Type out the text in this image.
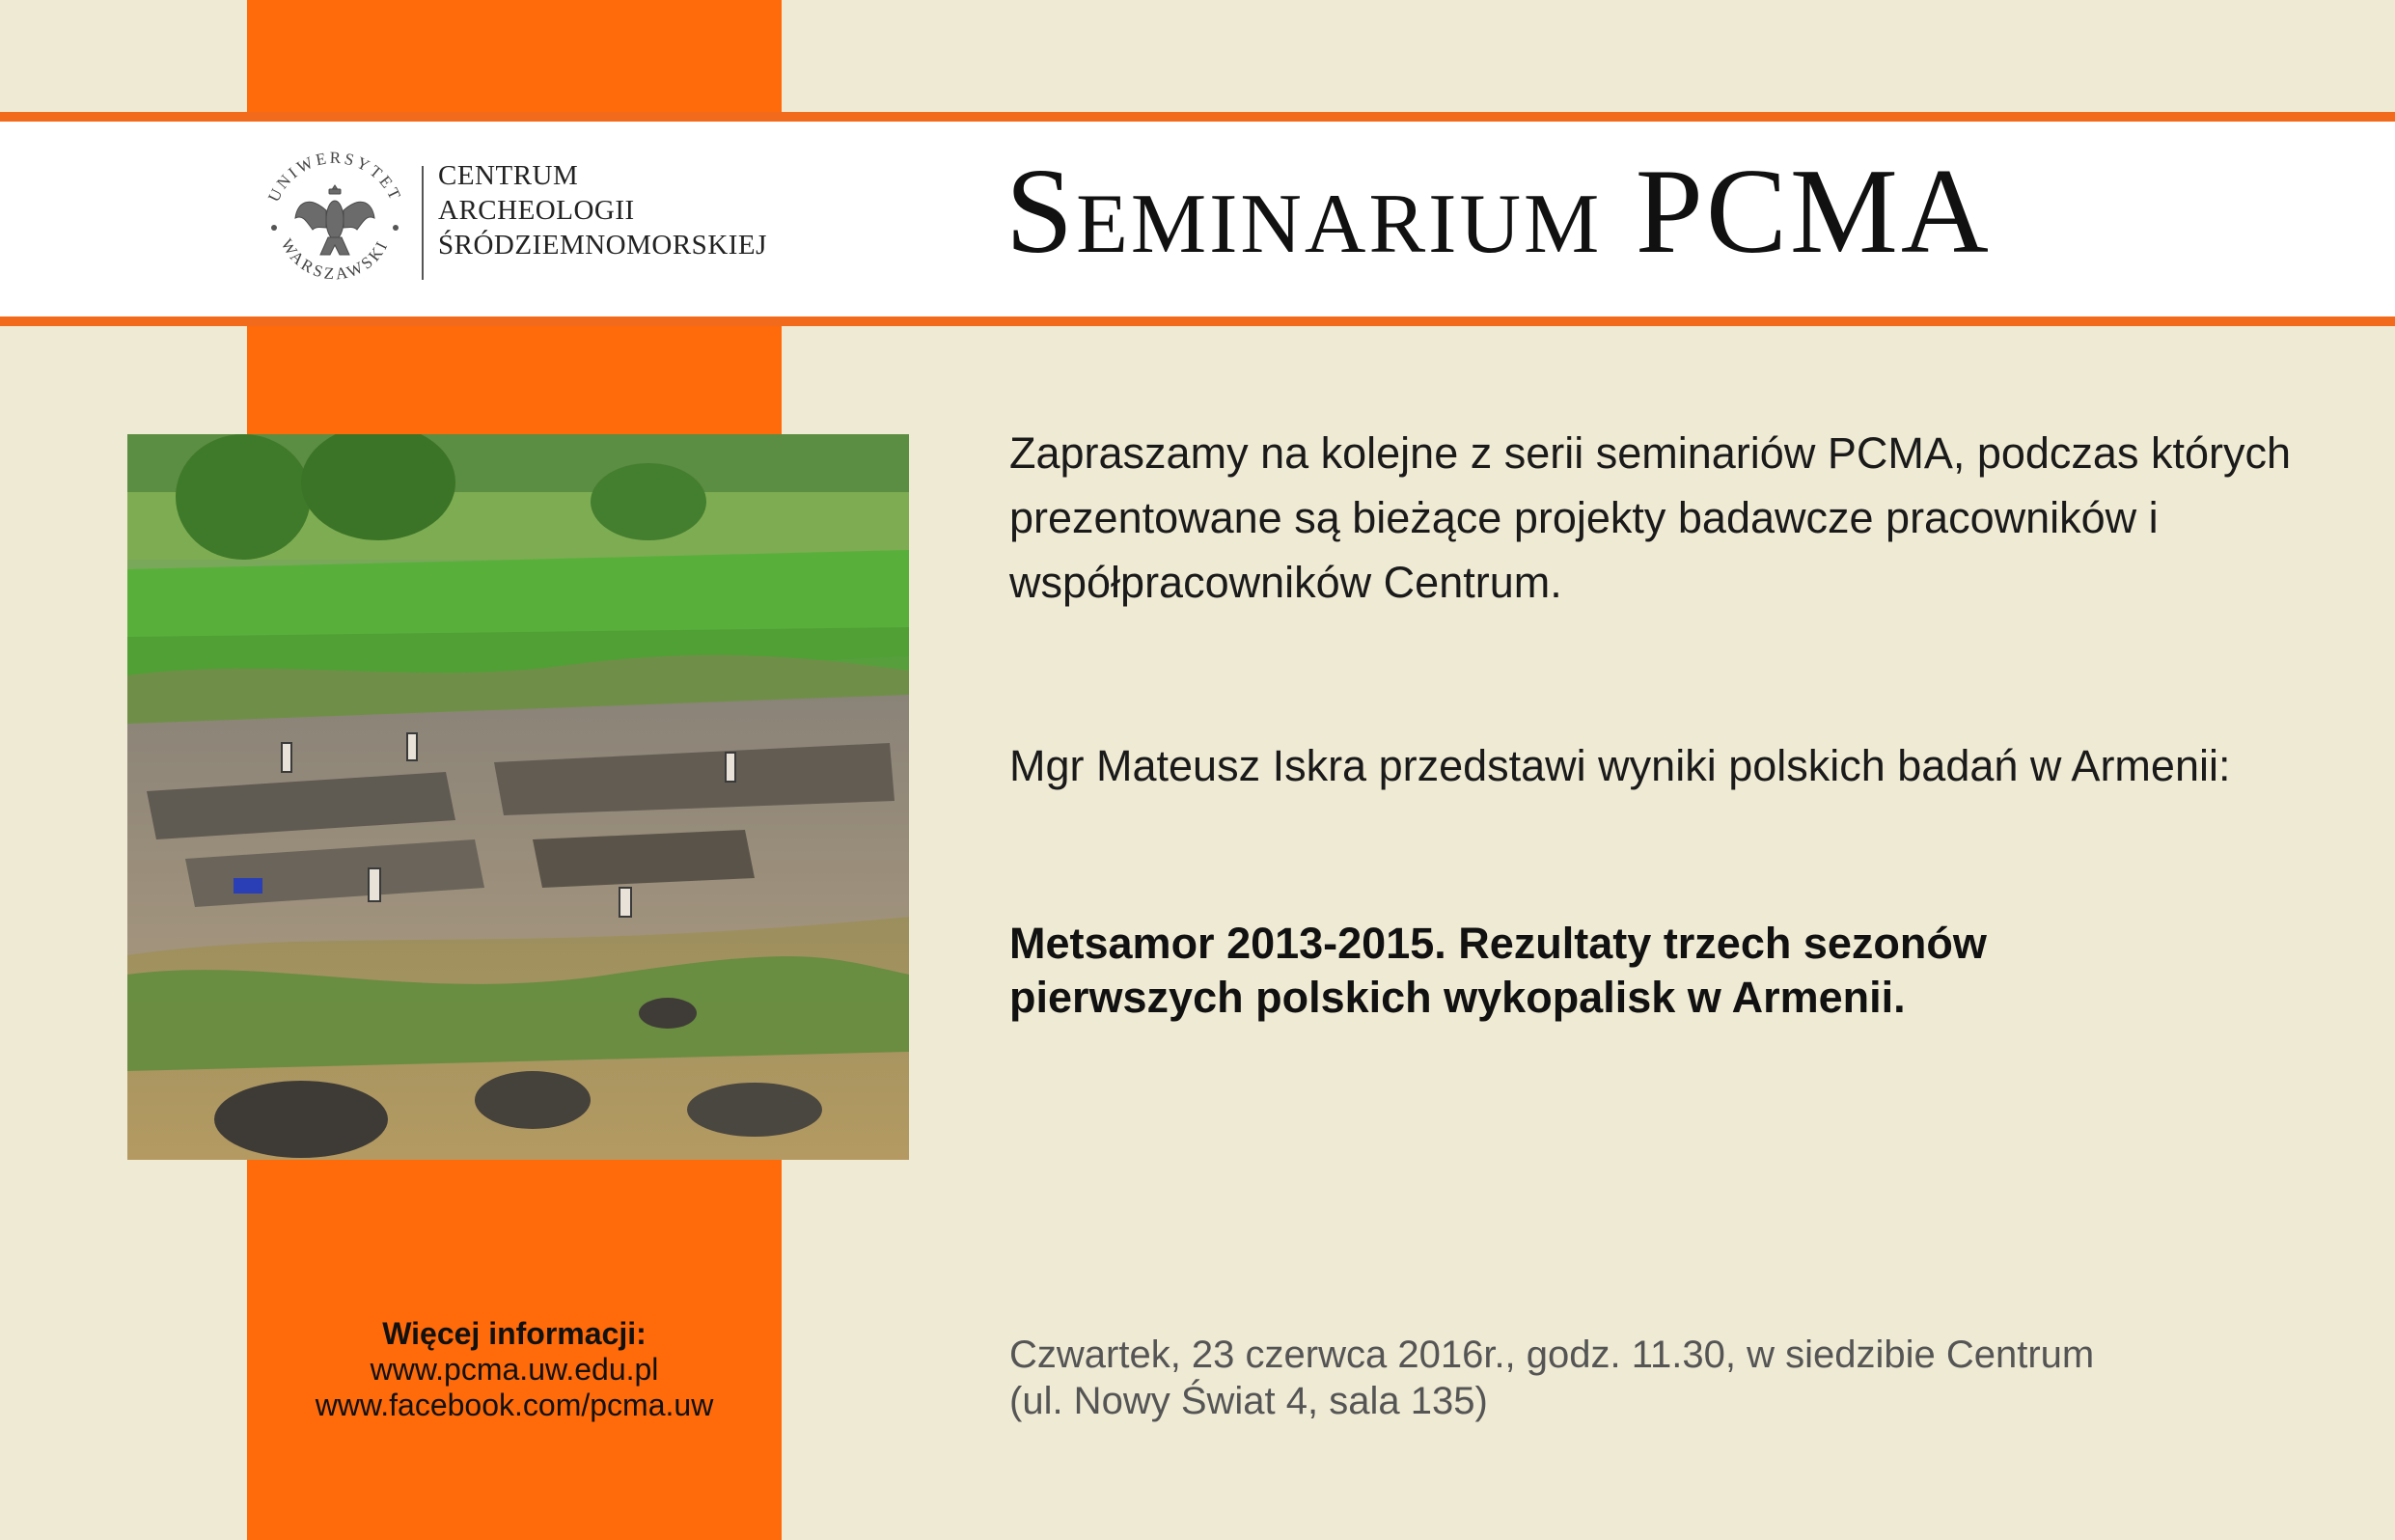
UNIWERSYTET
WARSZAWSKI
CENTRUM
ARCHEOLOGII
ŚRÓDZIEMNOMORSKIEJ Seminarium PCMA
Zapraszamy na kolejne z serii seminariów PCMA, podczas których prezentowane są bieżące projekty badawcze pracowników i współpracowników Centrum.
Mgr Mateusz Iskra przedstawi wyniki polskich badań w Armenii:
Metsamor 2013-2015. Rezultaty trzech sezonów
pierwszych polskich wykopalisk w Armenii.
Czwartek, 23 czerwca 2016r., godz. 11.30, w siedzibie Centrum
(ul. Nowy Świat 4, sala 135)
Więcej informacji:
www.pcma.uw.edu.pl
www.facebook.com/pcma.uw
